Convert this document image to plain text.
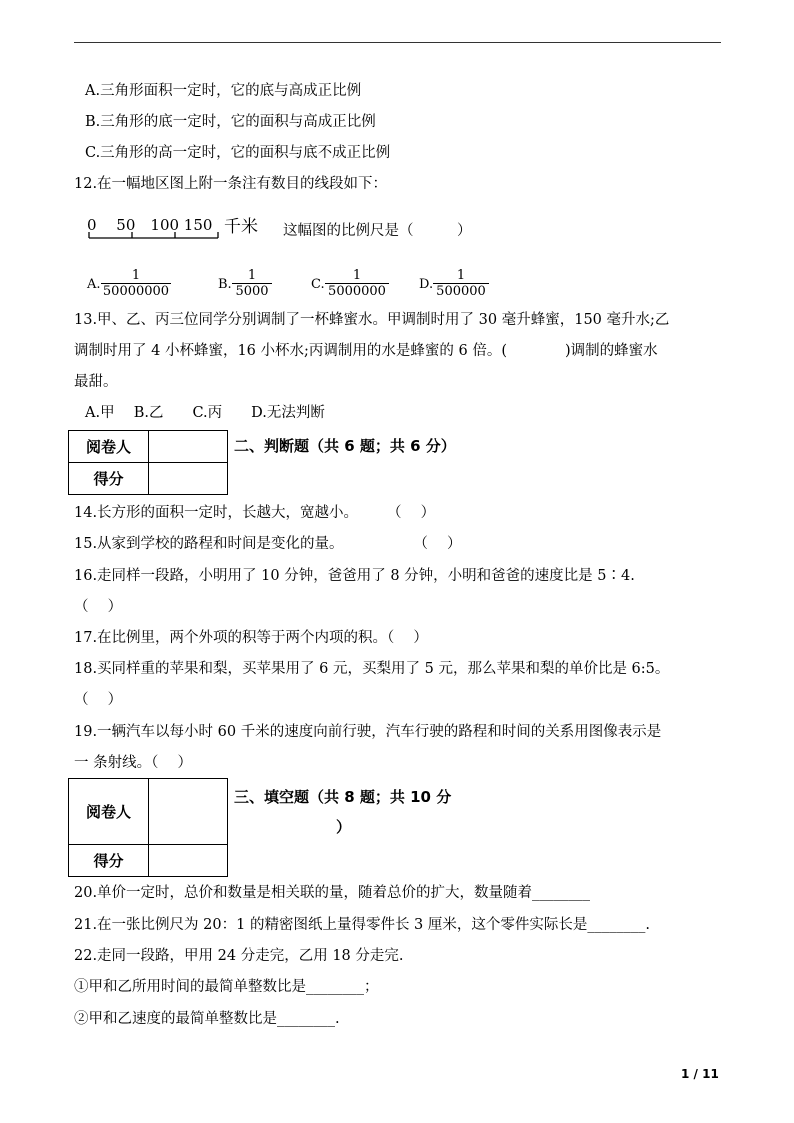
A.三角形面积一定时，它的底与高成正比例
B.三角形的底一定时，它的面积与高成正比例
C.三角形的高一定时，它的面积与底不成正比例
12.在一幅地区图上附一条注有数目的线段如下：
0　 50　100 150 千米 这幅图的比例尺是（　　　）
A. $\frac{1}{50000000}$	B. $\frac{1}{5000}$	C. $\frac{1}{5000000} D$. $\frac{1}{500000}$
13.甲、乙、丙三位同学分别调制了一杯蜂蜜水。甲调制时用了 30 毫升蜂蜜，150 毫升水;乙
调制时用了 4 小杯蜂蜜，16 小杯水;丙调制用的水是蜂蜜的 6 倍。(　　　　)调制的蜂蜜水
最甜。
A.甲　 B.乙　　C.丙　　D.无法判断
阅卷人	
得分	
二、判断题（共 6 题；共 6 分）
14.长方形的面积一定时，长越大，宽越小。　　　（　 ）
15.从家到学校的路程和时间是变化的量。　　　　　 （　 ）
16.走同样一段路，小明用了 10 分钟，爸爸用了 8 分钟，小明和爸爸的速度比是 5∶4.
（　 ）
17.在比例里，两个外项的积等于两个内项的积。（　 ）
18.买同样重的苹果和梨，买苹果用了 6 元，买梨用了 5 元，那么苹果和梨的单价比是 6:5。
（　 ）
19.一辆汽车以每小时 60 千米的速度向前行驶，汽车行驶的路程和时间的关系用图像表示是
一 条射线。（　 ）
阅卷人	
得分	
三、填空题（共 8 题；共 10 分
）
20.单价一定时，总价和数量是相关联的量，随着总价的扩大，数量随着________
21.在一张比例尺为 20：1 的精密图纸上量得零件长 3 厘米，这个零件实际长是________.
22.走同一段路，甲用 24 分走完，乙用 18 分走完.
①甲和乙所用时间的最简单整数比是________；
②甲和乙速度的最简单整数比是________.
1 / 11
